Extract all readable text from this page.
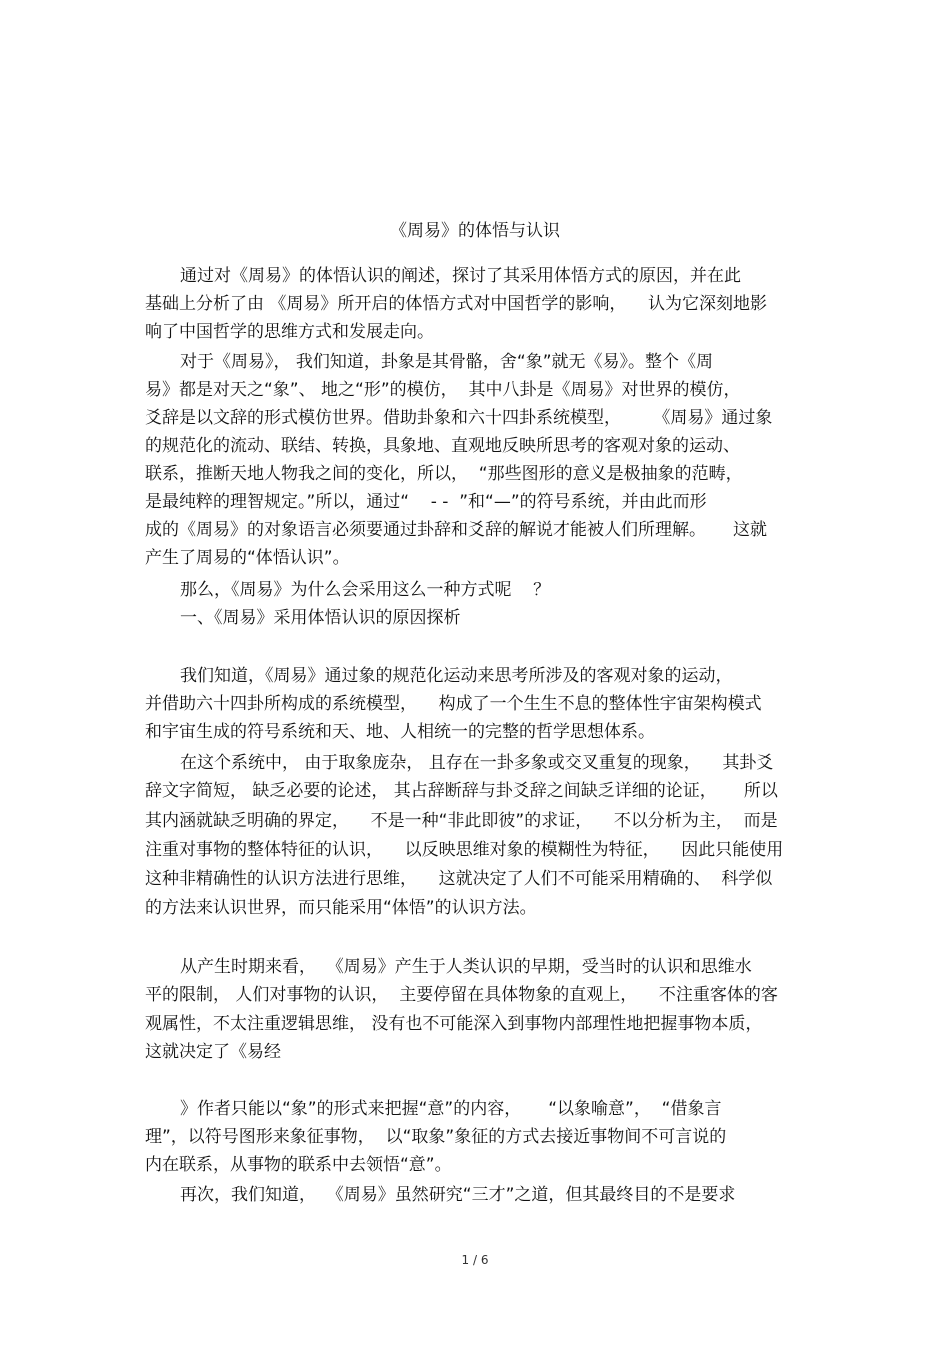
《周易》的体悟与认识
通过对《周易》的体悟认识的阐述，探讨了其采用体悟方式的原因，并在此
基础上分析了由 《周易》所开启的体悟方式对中国哲学的影响，    认为它深刻地影
响了中国哲学的思维方式和发展走向。
对于《周易》， 我们知道，卦象是其骨骼，舍“象”就无《易》。整个《周
易》都是对天之“象”、 地之“形”的模仿，  其中八卦是《周易》对世界的模仿，
爻辞是以文辞的形式模仿世界。借助卦象和六十四卦系统模型，      《周易》通过象
的规范化的流动、联结、转换，具象地、直观地反映所思考的客观对象的运动、
联系，推断天地人物我之间的变化，所以，  “那些图形的意义是极抽象的范畴，
是最纯粹的理智规定。”所以，通过“    - -  ”和“—”的符号系统，并由此而形
成的《周易》的对象语言必须要通过卦辞和爻辞的解说才能被人们所理解。     这就
产生了周易的“体悟认识”。
那么，《周易》为什么会采用这么一种方式呢    ？
一、《周易》采用体悟认识的原因探析
我们知道，《周易》通过象的规范化运动来思考所涉及的客观对象的运动，
并借助六十四卦所构成的系统模型，    构成了一个生生不息的整体性宇宙架构模式
和宇宙生成的符号系统和天、地、人相统一的完整的哲学思想体系。
在这个系统中， 由于取象庞杂， 且存在一卦多象或交叉重复的现象，    其卦爻
辞文字简短， 缺乏必要的论述， 其占辞断辞与卦爻辞之间缺乏详细的论证，     所以
其内涵就缺乏明确的界定，    不是一种“非此即彼”的求证，    不以分析为主，  而是
注重对事物的整体特征的认识，    以反映思维对象的模糊性为特征，    因此只能使用
这种非精确性的认识方法进行思维，    这就决定了人们不可能采用精确的、  科学似
的方法来认识世界，而只能采用“体悟”的认识方法。
从产生时期来看，  《周易》产生于人类认识的早期，受当时的认识和思维水
平的限制， 人们对事物的认识，  主要停留在具体物象的直观上，    不注重客体的客
观属性，不太注重逻辑思维， 没有也不可能深入到事物内部理性地把握事物本质，
这就决定了《易经
》作者只能以“象”的形式来把握“意”的内容，     “以象喻意”，  “借象言
理”，以符号图形来象征事物，  以“取象”象征的方式去接近事物间不可言说的
内在联系，从事物的联系中去领悟“意”。
再次，我们知道，  《周易》虽然研究“三才”之道，但其最终目的不是要求
1 / 6
